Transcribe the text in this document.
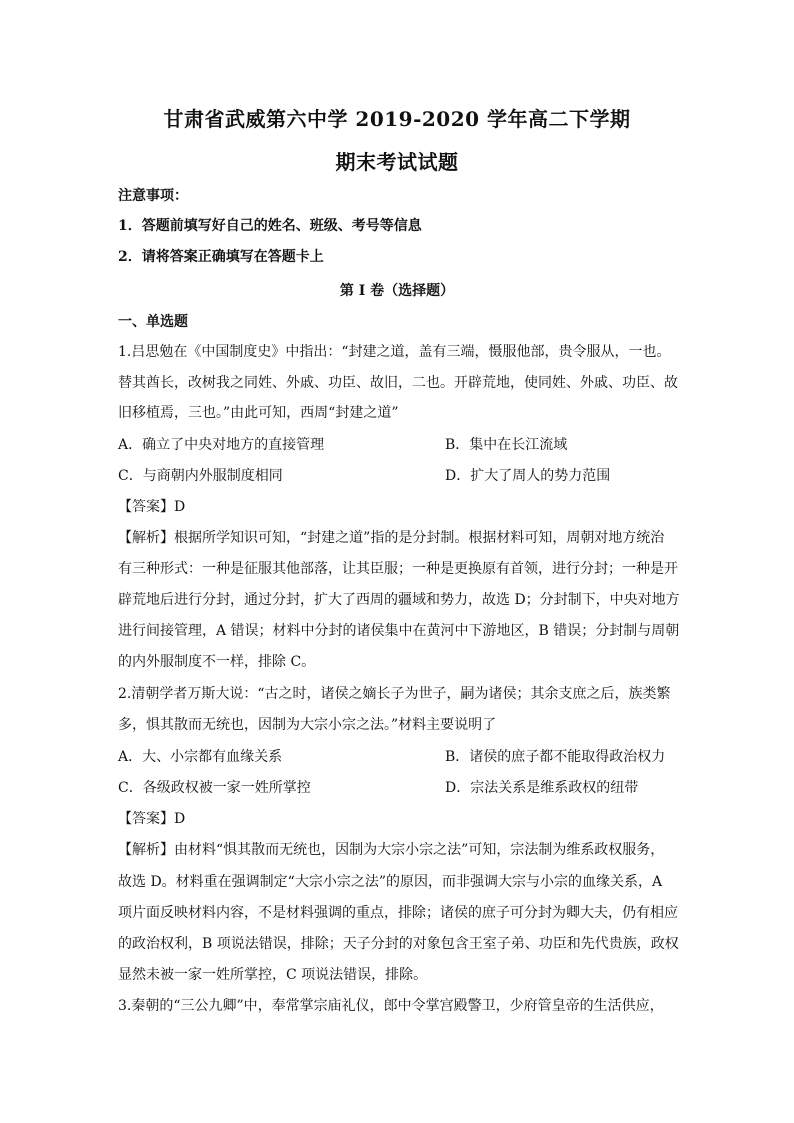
甘肃省武威第六中学 2019-2020 学年高二下学期
期末考试试题
注意事项：
1．答题前填写好自己的姓名、班级、考号等信息
2．请将答案正确填写在答题卡上
第 I 卷（选择题）
一、单选题
1.吕思勉在《中国制度史》中指出：“封建之道，盖有三端，慑服他部，贵令服从，一也。
替其酋长，改树我之同姓、外戚、功臣、故旧，二也。开辟荒地，使同姓、外戚、功臣、故
旧移植焉，三也。”由此可知，西周“封建之道”
A．确立了中央对地方的直接管理	B．集中在长江流域
C．与商朝内外服制度相同	D．扩大了周人的势力范围
【答案】D
【解析】根据所学知识可知，“封建之道”指的是分封制。根据材料可知，周朝对地方统治
有三种形式：一种是征服其他部落，让其臣服；一种是更换原有首领，进行分封；一种是开
辟荒地后进行分封，通过分封，扩大了西周的疆域和势力，故选 D；分封制下，中央对地方
进行间接管理，A 错误；材料中分封的诸侯集中在黄河中下游地区，B 错误；分封制与周朝
的内外服制度不一样，排除 C。
2.清朝学者万斯大说：“古之时，诸侯之嫡长子为世子，嗣为诸侯；其余支庶之后，族类繁
多，惧其散而无统也，因制为大宗小宗之法。”材料主要说明了
A．大、小宗都有血缘关系	B．诸侯的庶子都不能取得政治权力
C．各级政权被一家一姓所掌控	D．宗法关系是维系政权的纽带
【答案】D
【解析】由材料“惧其散而无统也，因制为大宗小宗之法”可知，宗法制为维系政权服务，
故选 D。材料重在强调制定“大宗小宗之法”的原因，而非强调大宗与小宗的血缘关系，A
项片面反映材料内容，不是材料强调的重点，排除；诸侯的庶子可分封为卿大夫，仍有相应
的政治权利，B 项说法错误，排除；天子分封的对象包含王室子弟、功臣和先代贵族，政权
显然未被一家一姓所掌控，C 项说法错误，排除。
3.秦朝的“三公九卿”中，奉常掌宗庙礼仪，郎中令掌宫殿警卫，少府管皇帝的生活供应，
